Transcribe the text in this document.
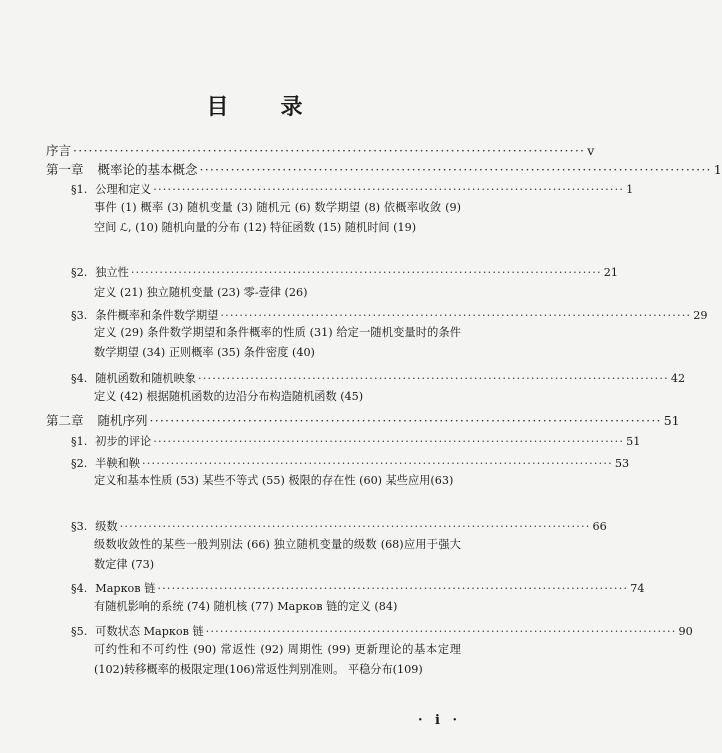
目 录
序言 ··································································································· v
第一章 概率论的基本概念 ··································································································· 1
§1. 公理和定义 ··································································································· 1
事件 (1) 概率 (3) 随机变量 (3) 随机元 (6) 数学期望 (8) 依概率收敛 (9) 空间 ℒ, (10) 随机向量的分布 (12) 特征函数 (15) 随机时间 (19)
§2. 独立性 ··································································································· 21
定义 (21) 独立随机变量 (23) 零-壹律 (26)
§3. 条件概率和条件数学期望 ··································································································· 29
定义 (29) 条件数学期望和条件概率的性质 (31) 给定一随机变量时的条件数学期望 (34) 正则概率 (35) 条件密度 (40)
§4. 随机函数和随机映象 ··································································································· 42
定义 (42) 根据随机函数的边沿分布构造随机函数 (45)
第二章 随机序列 ··································································································· 51
§1. 初步的评论 ··································································································· 51
§2. 半鞅和鞅 ··································································································· 53
定义和基本性质 (53) 某些不等式 (55) 极限的存在性 (60) 某些应用(63)
§3. 级数 ··································································································· 66
级数收敛性的某些一般判别法 (66) 独立随机变量的级数 (68)应用于强大数定律 (73)
§4. Марков 链 ··································································································· 74
有随机影响的系统 (74) 随机核 (77) Марков 链的定义 (84)
§5. 可数状态 Марков 链 ··································································································· 90
可约性和不可约性 (90) 常返性 (92) 周期性 (99) 更新理论的基本定理(102)转移概率的极限定理(106)常返性判别准则。 平稳分布(109)
· i ·
